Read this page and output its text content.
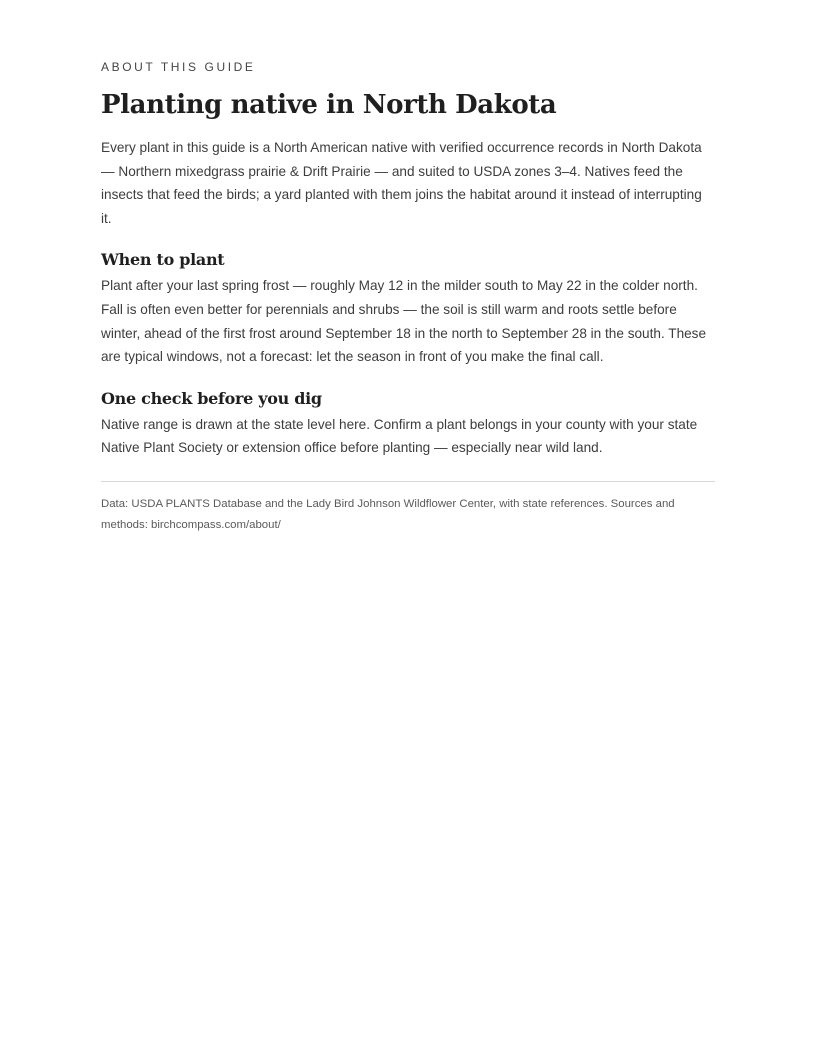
ABOUT THIS GUIDE
Planting native in North Dakota

Every plant in this guide is a North American native with verified occurrence records in North Dakota — Northern mixedgrass prairie & Drift Prairie — and suited to USDA zones 3–4. Natives feed the insects that feed the birds; a yard planted with them joins the habitat around it instead of interrupting it.

When to plant

Plant after your last spring frost — roughly May 12 in the milder south to May 22 in the colder north. Fall is often even better for perennials and shrubs — the soil is still warm and roots settle before winter, ahead of the first frost around September 18 in the north to September 28 in the south. These are typical windows, not a forecast: let the season in front of you make the final call.

One check before you dig

Native range is drawn at the state level here. Confirm a plant belongs in your county with your state Native Plant Society or extension office before planting — especially near wild land.

Data: USDA PLANTS Database and the Lady Bird Johnson Wildflower Center, with state references. Sources and methods: birchcompass.com/about/
